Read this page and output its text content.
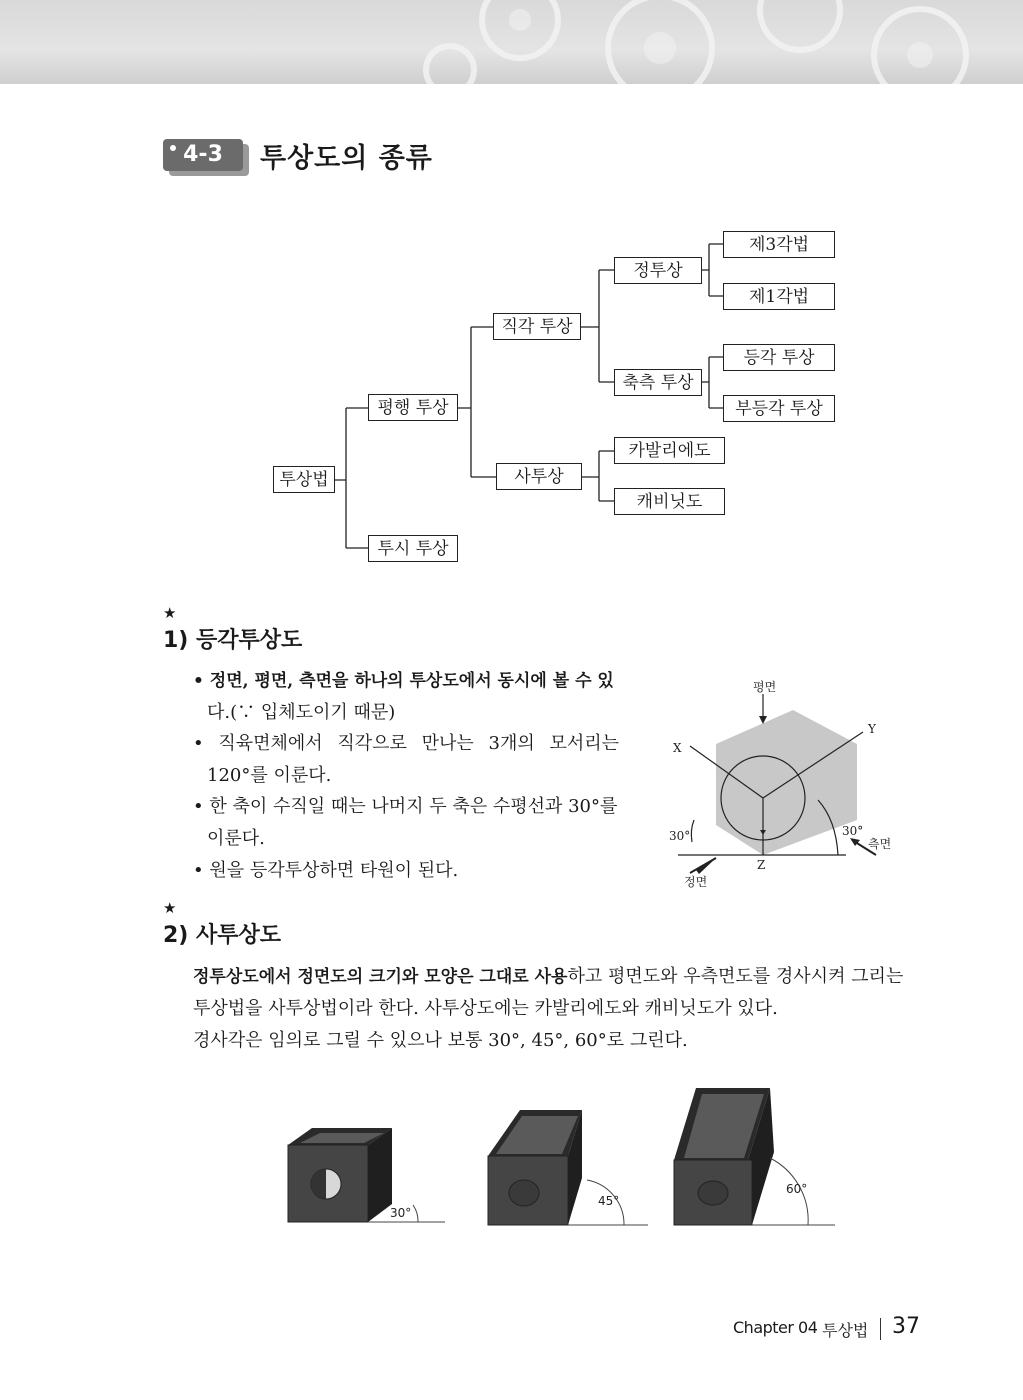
4-3	투상도의 종류
투상법
평행 투상
투시 투상
직각 투상
사투상
정투상
축측 투상
제3각법
제1각법
등각 투상
부등각 투상
카발리에도
캐비닛도
★
1) 등각투상도
• 정면, 평면, 측면을 하나의 투상도에서 동시에 볼 수 있
다.(∵ 입체도이기 때문)
• 직육면체에서 직각으로 만나는 3개의 모서리는
120°를 이룬다.
• 한 축이 수직일 때는 나머지 두 축은 수평선과 30°를
이룬다.
• 원을 등각투상하면 타원이 된다.
평면
X
Y
Z
30°	30°
측면
정면
★
2) 사투상도
정투상도에서 정면도의 크기와 모양은 그대로 사용하고 평면도와 우측면도를 경사시켜 그리는
투상법을 사투상법이라 한다. 사투상도에는 카발리에도와 캐비닛도가 있다.
경사각은 임의로 그릴 수 있으나 보통 30°, 45°, 60°로 그린다.
30°
45°
60°
Chapter 04 투상법 37
